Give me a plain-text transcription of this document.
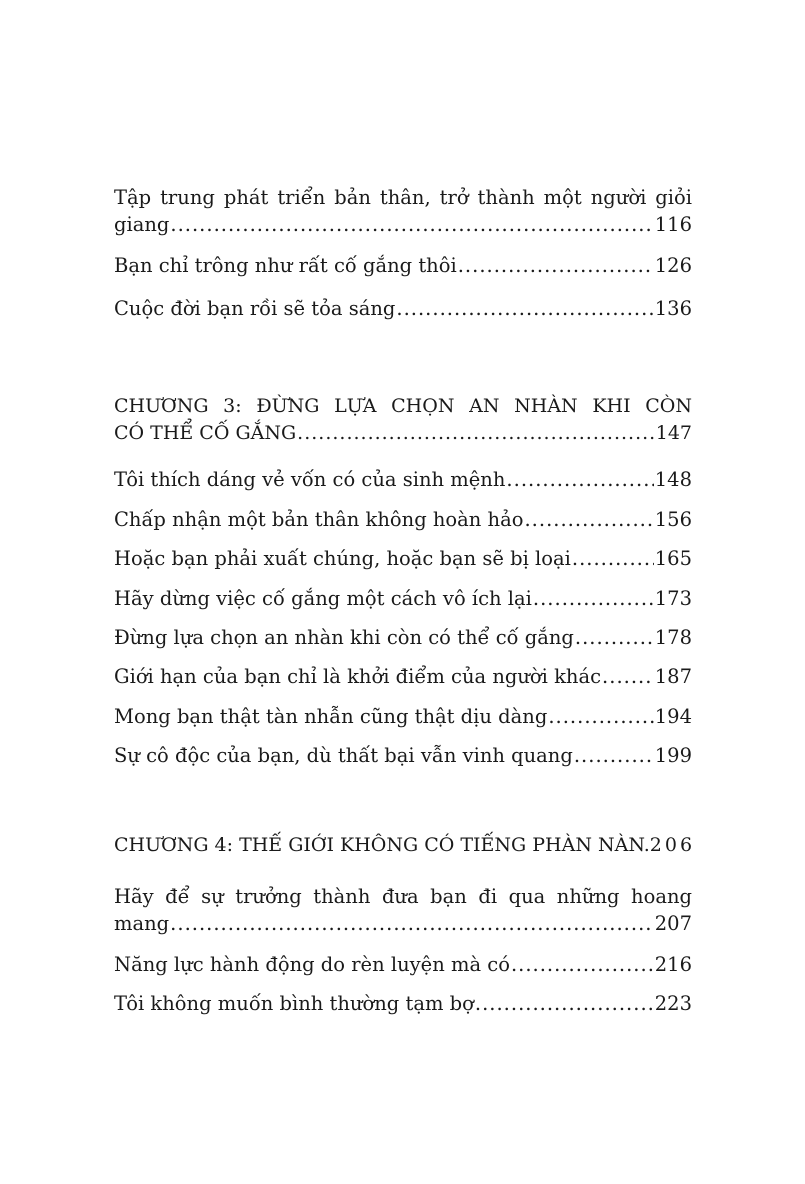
Tập trung phát triển bản thân, trở thành một người giỏi
giang .....	116
Bạn chỉ trông như rất cố gắng thôi .....	126
Cuộc đời bạn rồi sẽ tỏa sáng .....	136
CHƯƠNG 3: ĐỪNG LỰA CHỌN AN NHÀN KHI CÒN
CÓ THỂ CỐ GẮNG .....	147
Tôi thích dáng vẻ vốn có của sinh mệnh .....	148
Chấp nhận một bản thân không hoàn hảo .....	156
Hoặc bạn phải xuất chúng, hoặc bạn sẽ bị loại .....	165
Hãy dừng việc cố gắng một cách vô ích lại .....	173
Đừng lựa chọn an nhàn khi còn có thể cố gắng .....	178
Giới hạn của bạn chỉ là khởi điểm của người khác .....	187
Mong bạn thật tàn nhẫn cũng thật dịu dàng .....	194
Sự cô độc của bạn, dù thất bại vẫn vinh quang .....	199
CHƯƠNG 4: THẾ GIỚI KHÔNG CÓ TIẾNG PHÀN NÀN. 206
Hãy để sự trưởng thành đưa bạn đi qua những hoang
mang .....	207
Năng lực hành động do rèn luyện mà có .....	216
Tôi không muốn bình thường tạm bợ .....	223
